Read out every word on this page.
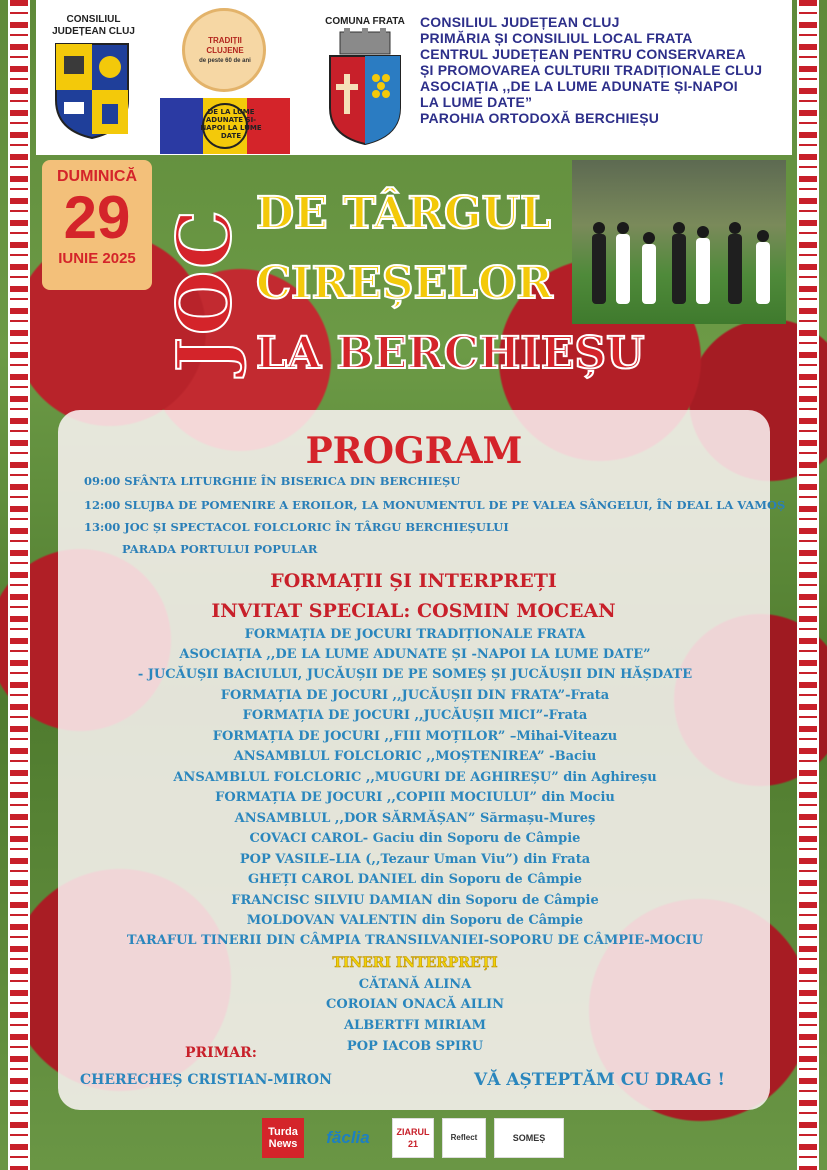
CONSILIUL JUDEȚEAN CLUJ
TRADIȚII CLUJENE
de peste 60 de ani
DE LA LUME ADUNATE ȘI-NAPOI LA LUME DATE
COMUNA FRATA CONSILIUL JUDEȚEAN CLUJ
PRIMĂRIA ȘI CONSILIUL LOCAL FRATA
CENTRUL JUDEȚEAN PENTRU CONSERVAREA
ȘI PROMOVAREA CULTURII TRADIȚIONALE CLUJ
ASOCIAȚIA ,,DE LA LUME ADUNATE ȘI-NAPOI
LA LUME DATE”
PAROHIA ORTODOXĂ BERCHIEȘU
DUMINICĂ
29
IUNIE 2025 JOC DE TÂRGUL
CIREȘELOR
LA BERCHIEȘU
PROGRAM
09:00 SFÂNTA LITURGHIE ÎN BISERICA DIN BERCHIEȘU
12:00 SLUJBA DE POMENIRE A EROILOR, LA MONUMENTUL DE PE VALEA SÂNGELUI, ÎN DEAL LA VAMOȘ
13:00 JOC ȘI SPECTACOL FOLCLORIC ÎN TÂRGU BERCHIEȘULUI
PARADA PORTULUI POPULAR
FORMAȚII ȘI INTERPREȚI
INVITAT SPECIAL: COSMIN MOCEAN
FORMAȚIA DE JOCURI TRADIȚIONALE FRATA
ASOCIAȚIA ,,DE LA LUME ADUNATE ȘI -NAPOI LA LUME DATE”
- JUCĂUȘII BACIULUI, JUCĂUȘII DE PE SOMEȘ ȘI JUCĂUȘII DIN HĂȘDATE
FORMAȚIA DE JOCURI ,,JUCĂUȘII DIN FRATA”-Frata
FORMAȚIA DE JOCURI ,,JUCĂUȘII MICI”-Frata
FORMAȚIA DE JOCURI ,,FIII MOȚILOR” –Mihai-Viteazu
ANSAMBLUL FOLCLORIC ,,MOȘTENIREA” -Baciu
ANSAMBLUL FOLCLORIC ,,MUGURI DE AGHIREȘU” din Aghireșu
FORMAȚIA DE JOCURI ,,COPIII MOCIULUI” din Mociu
ANSAMBLUL ,,DOR SĂRMĂȘAN” Sărmașu-Mureș
COVACI CAROL- Gaciu din Soporu de Câmpie
POP VASILE–LIA (,,Tezaur Uman Viu”) din Frata
GHEȚI CAROL DANIEL din Soporu de Câmpie
FRANCISC SILVIU DAMIAN din Soporu de Câmpie
MOLDOVAN VALENTIN din Soporu de Câmpie
TARAFUL TINERII DIN CÂMPIA TRANSILVANIEI-SOPORU DE CÂMPIE-MOCIU
TINERI INTERPREȚI
CĂTANĂ ALINA
COROIAN ONACĂ AILIN
ALBERTFI MIRIAM
POP IACOB SPIRU
PRIMAR:
CHERECHEȘ CRISTIAN-MIRON	VĂ AȘTEPTĂM CU DRAG !
Turda News	făclia	ZIARUL 21
Reflect	SOMEȘ
